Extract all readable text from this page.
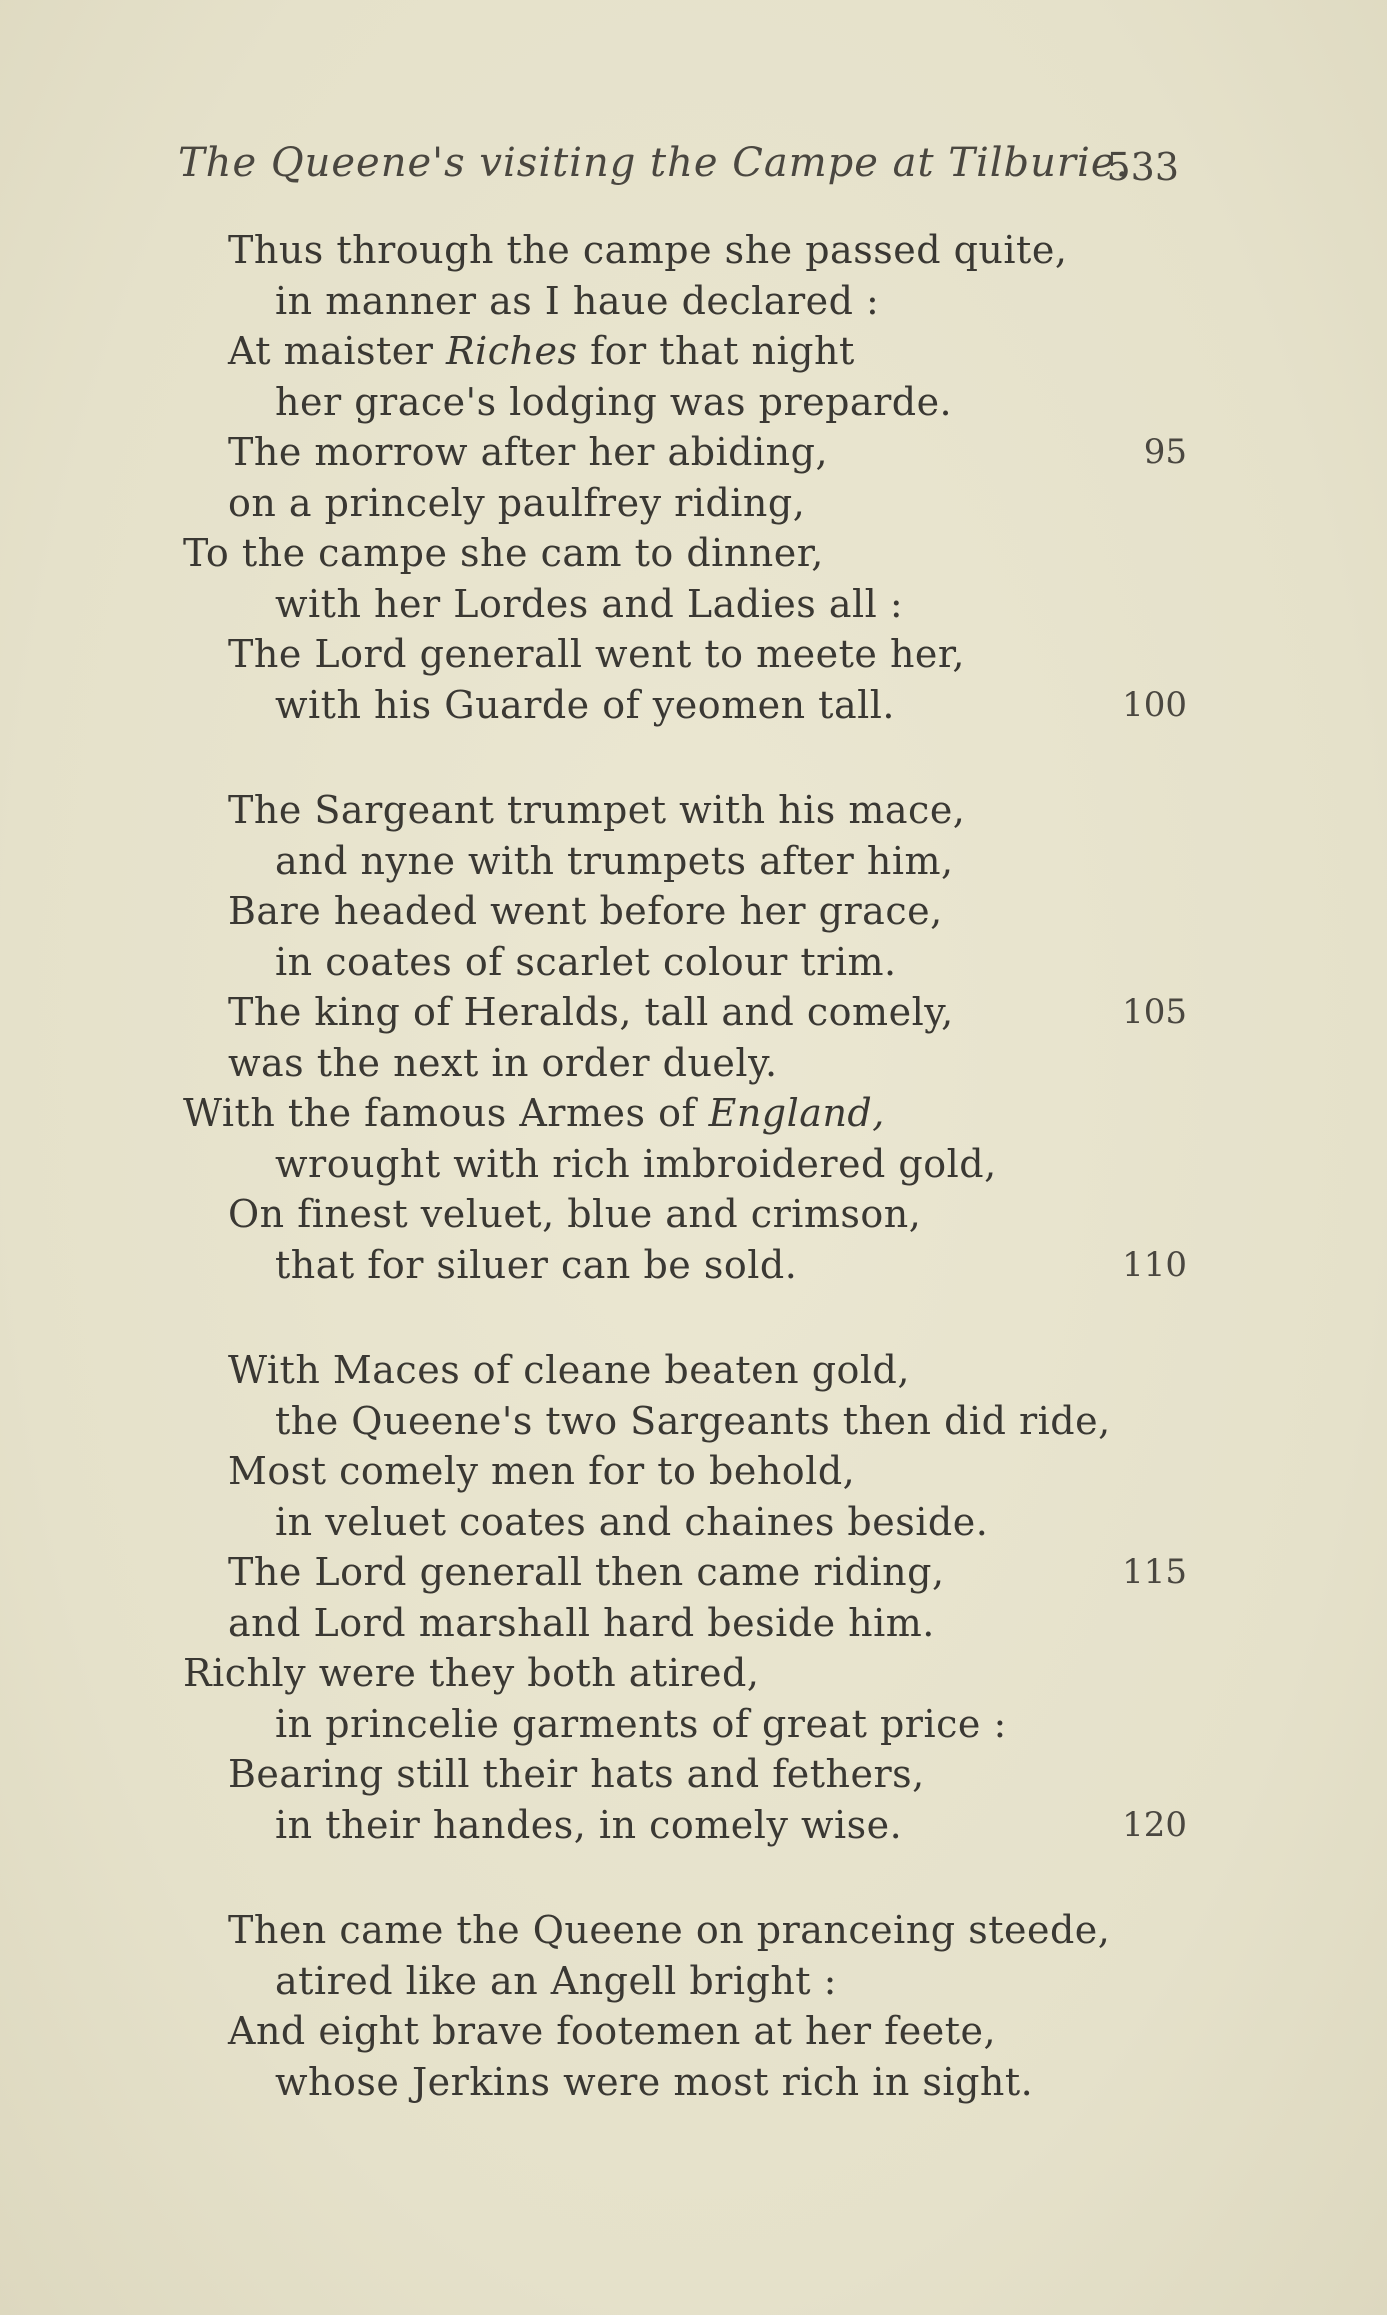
The Queene's visiting the Campe at Tilburie.
533
Thus through the campe she passed quite,
in manner as I haue declared :
At maister Riches for that night
her grace's lodging was preparde.
The morrow after her abiding,	95
on a princely paulfrey riding,
To the campe she cam to dinner,
with her Lordes and Ladies all :
The Lord generall went to meete her,
with his Guarde of yeomen tall.	100
The Sargeant trumpet with his mace,
and nyne with trumpets after him,
Bare headed went before her grace,
in coates of scarlet colour trim.
The king of Heralds, tall and comely,	105
was the next in order duely.
With the famous Armes of England,
wrought with rich imbroidered gold,
On finest veluet, blue and crimson,
that for siluer can be sold.	110
With Maces of cleane beaten gold,
the Queene's two Sargeants then did ride,
Most comely men for to behold,
in veluet coates and chaines beside.
The Lord generall then came riding,	115
and Lord marshall hard beside him.
Richly were they both atired,
in princelie garments of great price :
Bearing still their hats and fethers,
in their handes, in comely wise.	120
Then came the Queene on pranceing steede,
atired like an Angell bright :
And eight brave footemen at her feete,
whose Jerkins were most rich in sight.
